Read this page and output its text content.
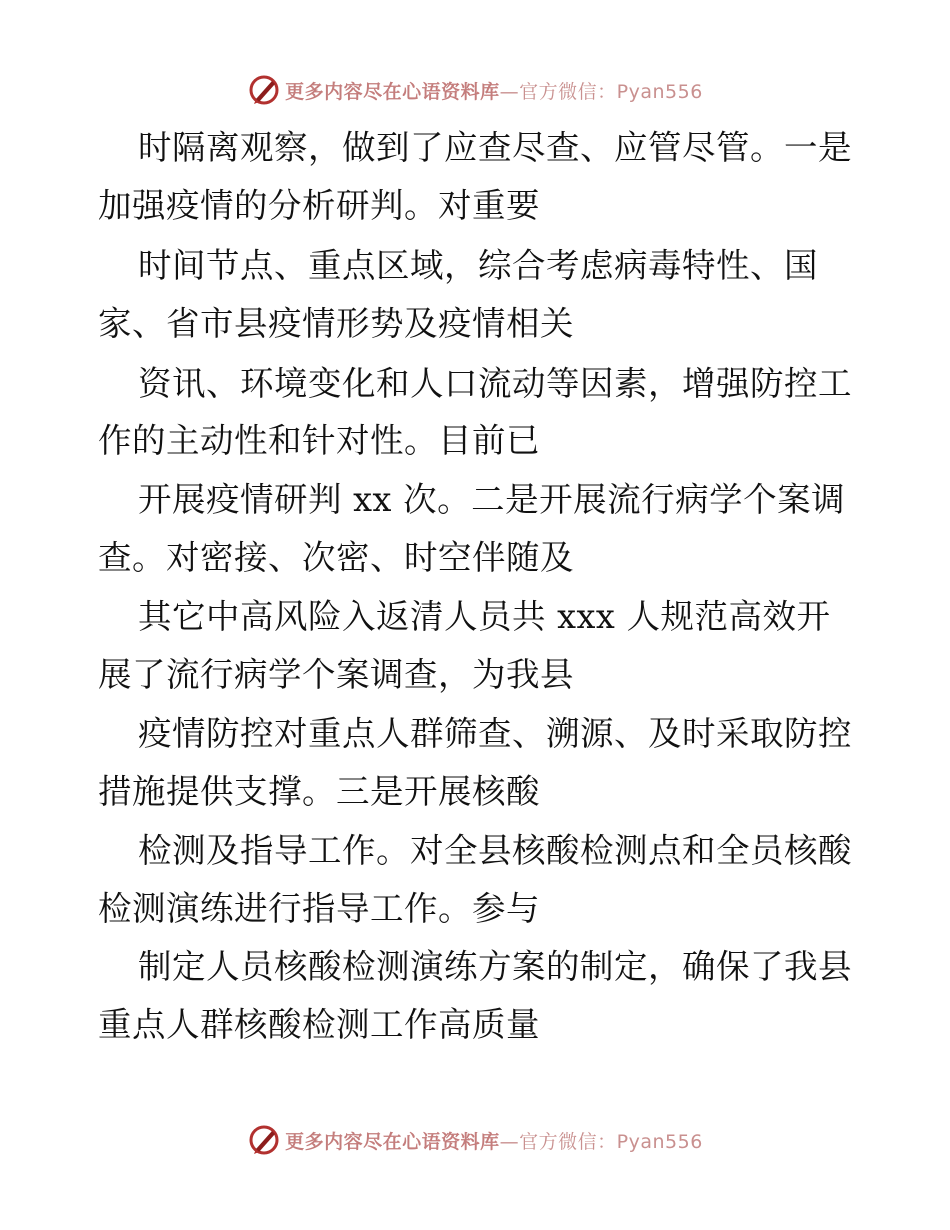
更多内容尽在心语资料库—官方微信：Pyan556
时隔离观察，做到了应查尽查、应管尽管。一是
加强疫情的分析研判。对重要
时间节点、重点区域，综合考虑病毒特性、国
家、省市县疫情形势及疫情相关
资讯、环境变化和人口流动等因素，增强防控工
作的主动性和针对性。目前已
开展疫情研判 xx 次。二是开展流行病学个案调
查。对密接、次密、时空伴随及
其它中高风险入返清人员共 xxx 人规范高效开
展了流行病学个案调查，为我县
疫情防控对重点人群筛查、溯源、及时采取防控
措施提供支撑。三是开展核酸
检测及指导工作。对全县核酸检测点和全员核酸
检测演练进行指导工作。参与
制定人员核酸检测演练方案的制定，确保了我县
重点人群核酸检测工作高质量
更多内容尽在心语资料库—官方微信：Pyan556
